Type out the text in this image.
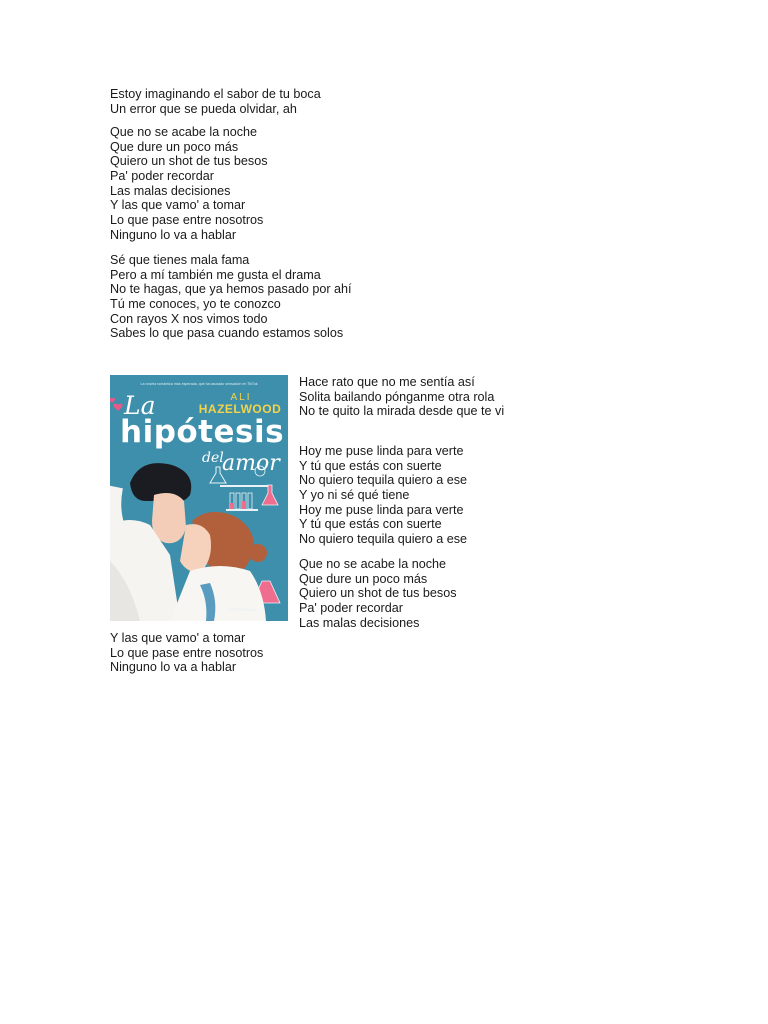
Estoy imaginando el sabor de tu boca
Un error que se pueda olvidar, ah
Que no se acabe la noche
Que dure un poco más
Quiero un shot de tus besos
Pa' poder recordar
Las malas decisiones
Y las que vamo' a tomar
Lo que pase entre nosotros
Ninguno lo va a hablar
Sé que tienes mala fama
Pero a mí también me gusta el drama
No te hagas, que ya hemos pasado por ahí
Tú me conoces, yo te conozco
Con rayos X nos vimos todo
Sabes lo que pasa cuando estamos solos
La novela romántica más esperada, que ha causado sensación en TikTok
ALI
HAZELWOOD
La
hipótesis
del
amor
CROSSBOOKS
Hace rato que no me sentía así
Solita bailando pónganme otra rola
No te quito la mirada desde que te vi
Hoy me puse linda para verte
Y tú que estás con suerte
No quiero tequila quiero a ese
Y yo ni sé qué tiene
Hoy me puse linda para verte
Y tú que estás con suerte
No quiero tequila quiero a ese
Que no se acabe la noche
Que dure un poco más
Quiero un shot de tus besos
Pa' poder recordar
Las malas decisiones
Y las que vamo' a tomar
Lo que pase entre nosotros
Ninguno lo va a hablar
